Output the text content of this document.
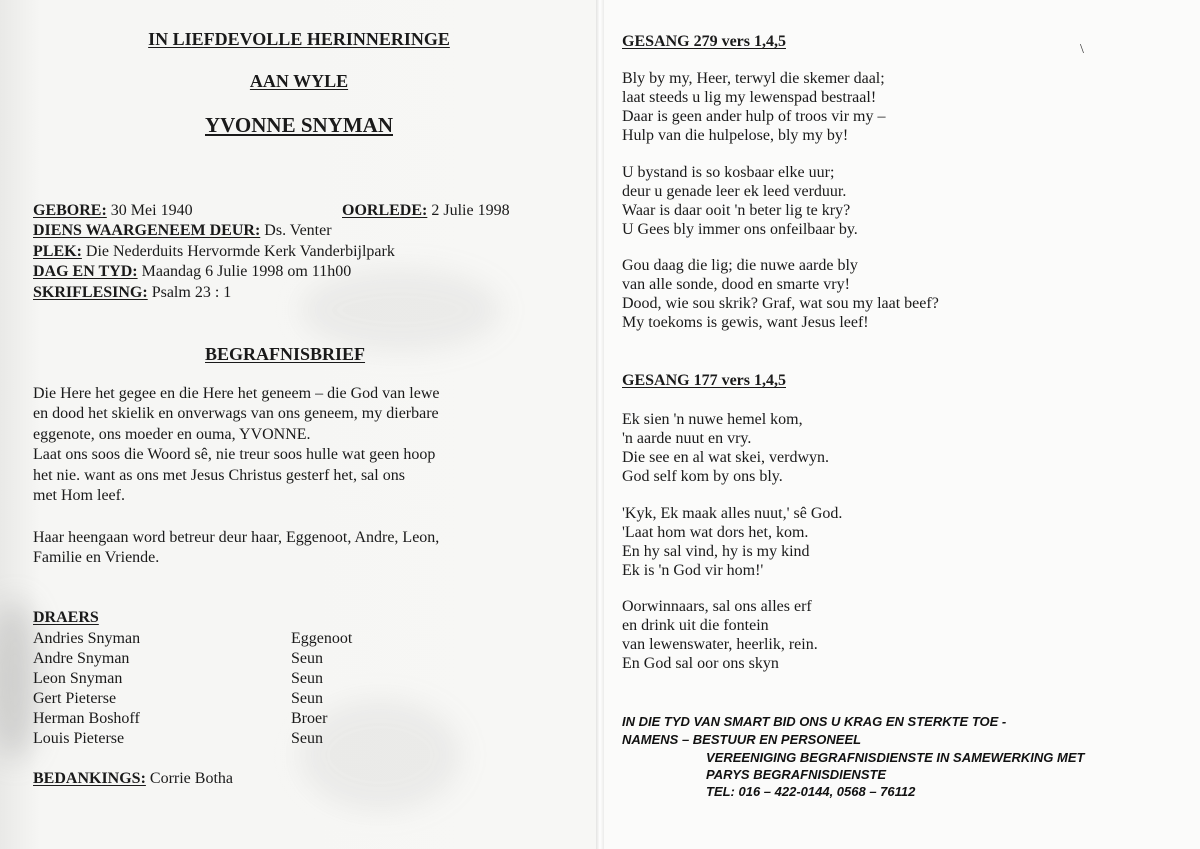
IN LIEFDEVOLLE HERINNERINGE
AAN WYLE
YVONNE SNYMAN
GEBORE: 30 Mei 1940	OORLEDE: 2 Julie 1998
DIENS WAARGENEEM DEUR: Ds. Venter
PLEK: Die Nederduits Hervormde Kerk Vanderbijlpark
DAG EN TYD: Maandag 6 Julie 1998 om 11h00
SKRIFLESING: Psalm 23 : 1
BEGRAFNISBRIEF
Die Here het gegee en die Here het geneem – die God van lewe
en dood het skielik en onverwags van ons geneem, my dierbare
eggenote, ons moeder en ouma, YVONNE.
Laat ons soos die Woord sê, nie treur soos hulle wat geen hoop
het nie. want as ons met Jesus Christus gesterf het, sal ons
met Hom leef.
Haar heengaan word betreur deur haar, Eggenoot, Andre, Leon,
Familie en Vriende.
DRAERS
Andries Snyman	Eggenoot
Andre Snyman	Seun
Leon Snyman	Seun
Gert Pieterse	Seun
Herman Boshoff	Broer
Louis Pieterse	Seun
BEDANKINGS: Corrie Botha
GESANG 279 vers 1,4,5	\
Bly by my, Heer, terwyl die skemer daal;
laat steeds u lig my lewenspad bestraal!
Daar is geen ander hulp of troos vir my –
Hulp van die hulpelose, bly my by!
U bystand is so kosbaar elke uur;
deur u genade leer ek leed verduur.
Waar is daar ooit 'n beter lig te kry?
U Gees bly immer ons onfeilbaar by.
Gou daag die lig; die nuwe aarde bly
van alle sonde, dood en smarte vry!
Dood, wie sou skrik? Graf, wat sou my laat beef?
My toekoms is gewis, want Jesus leef!
GESANG 177 vers 1,4,5
Ek sien 'n nuwe hemel kom,
'n aarde nuut en vry.
Die see en al wat skei, verdwyn.
God self kom by ons bly.
'Kyk, Ek maak alles nuut,' sê God.
'Laat hom wat dors het, kom.
En hy sal vind, hy is my kind
Ek is 'n God vir hom!'
Oorwinnaars, sal ons alles erf
en drink uit die fontein
van lewenswater, heerlik, rein.
En God sal oor ons skyn
IN DIE TYD VAN SMART BID ONS U KRAG EN STERKTE TOE -
NAMENS – BESTUUR EN PERSONEEL
VEREENIGING BEGRAFNISDIENSTE IN SAMEWERKING MET
PARYS BEGRAFNISDIENSTE
TEL: 016 – 422-0144, 0568 – 76112
